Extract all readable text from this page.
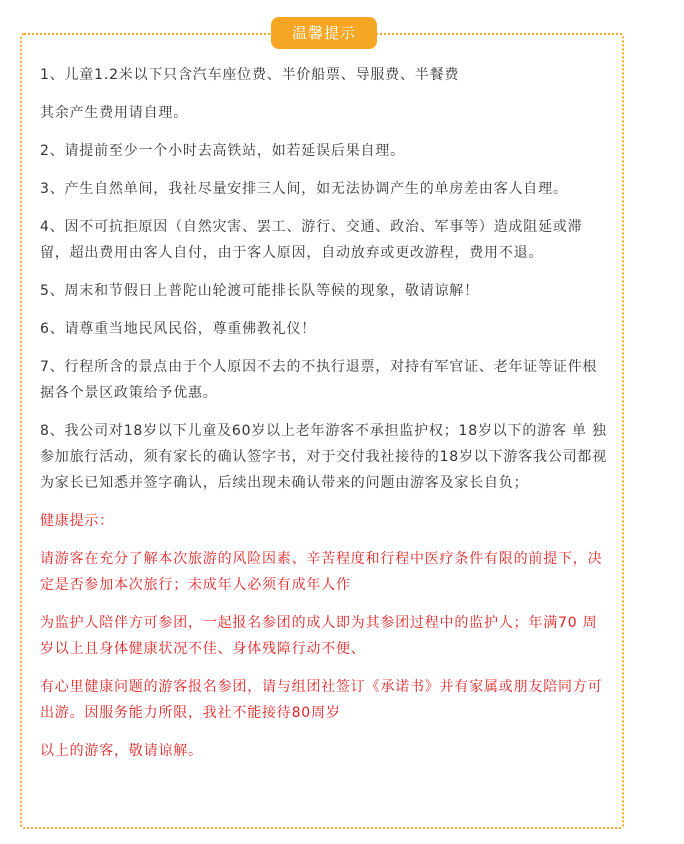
温馨提示

1、儿童1.2米以下只含汽车座位费、半价船票、导服费、半餐费

其余产生费用请自理。

2、请提前至少一个小时去高铁站，如若延误后果自理。

3、产生自然单间，我社尽量安排三人间，如无法协调产生的单房差由客人自理。

4、因不可抗拒原因（自然灾害、罢工、游行、交通、政治、军事等）造成阻延或滞留，超出费用由客人自付，由于客人原因，自动放弃或更改游程，费用不退。

5、周末和节假日上普陀山轮渡可能排长队等候的现象，敬请谅解！

6、请尊重当地民风民俗，尊重佛教礼仪！

7、行程所含的景点由于个人原因不去的不执行退票，对持有军官证、老年证等证件根据各个景区政策给予优惠。

8、我公司对18岁以下儿童及60岁以上老年游客不承担监护权；18岁以下的游客 单 独参加旅行活动，须有家长的确认签字书，对于交付我社接待的18岁以下游客我公司都视为家长已知悉并签字确认，后续出现未确认带来的问题由游客及家长自负；

健康提示：

请游客在充分了解本次旅游的风险因素、辛苦程度和行程中医疗条件有限的前提下，决定是否参加本次旅行；未成年人必须有成年人作

为监护人陪伴方可参团，一起报名参团的成人即为其参团过程中的监护人；年满70 周岁以上且身体健康状况不佳、身体残障行动不便、

有心里健康问题的游客报名参团，请与组团社签订《承诺书》并有家属或朋友陪同方可出游。因服务能力所限，我社不能接待80周岁

以上的游客，敬请谅解。
